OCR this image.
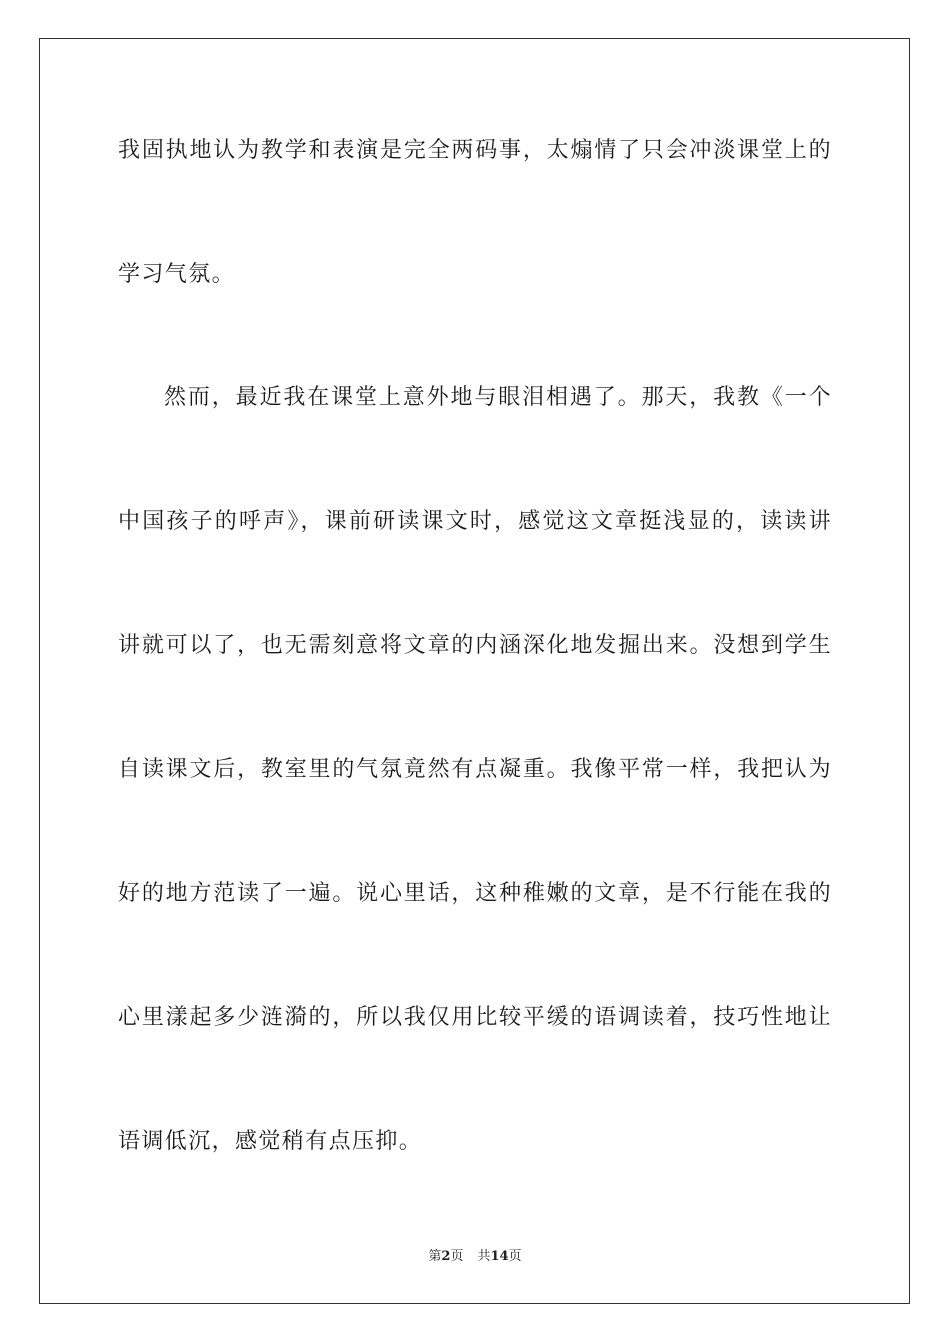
我固执地认为教学和表演是完全两码事，太煽情了只会冲淡课堂上的
学习气氛。
然而，最近我在课堂上意外地与眼泪相遇了。那天，我教《一个
中国孩子的呼声》，课前研读课文时，感觉这文章挺浅显的，读读讲
讲就可以了，也无需刻意将文章的内涵深化地发掘出来。没想到学生
自读课文后，教室里的气氛竟然有点凝重。我像平常一样，我把认为
好的地方范读了一遍。说心里话，这种稚嫩的文章，是不行能在我的
心里漾起多少涟漪的，所以我仅用比较平缓的语调读着，技巧性地让
语调低沉，感觉稍有点压抑。
第2页 共14页
